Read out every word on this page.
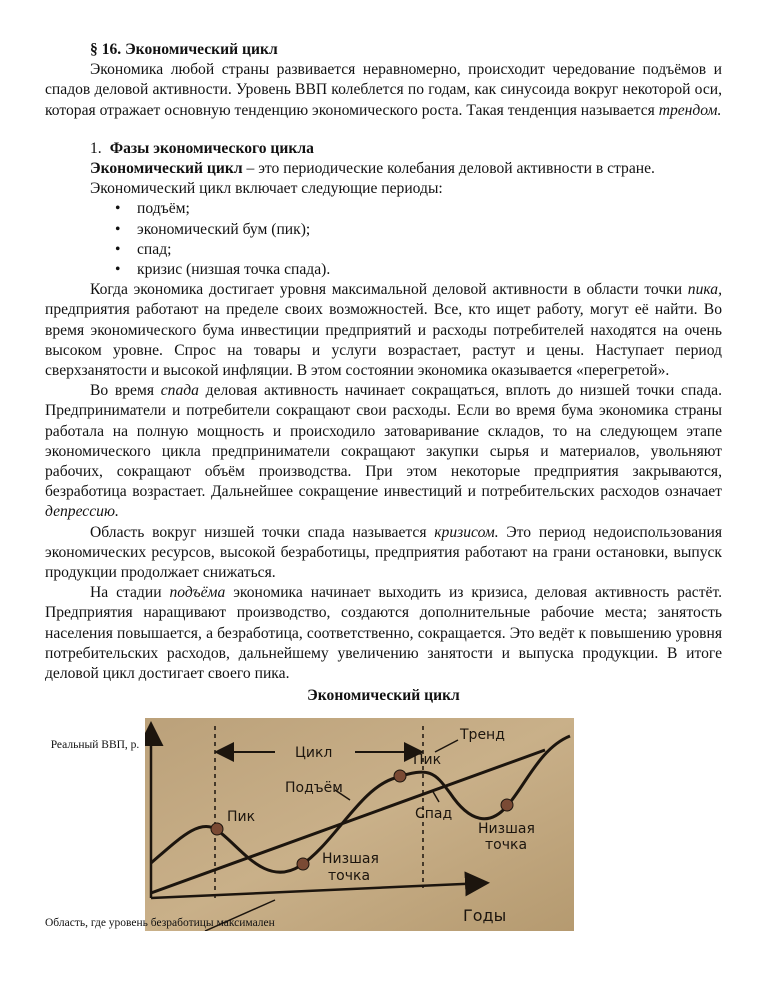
§ 16. Экономический цикл

Экономика любой страны развивается неравномерно, происходит чередование подъёмов и спадов деловой активности. Уровень ВВП колеблется по годам, как синусоида вокруг некоторой оси, которая отражает основную тенденцию экономического роста. Такая тенденция называется трендом.

1. Фазы экономического цикла
Экономический цикл – это периодические колебания деловой активности в стране.
Экономический цикл включает следующие периоды:
• подъём;
• экономический бум (пик);
• спад;
• кризис (низшая точка спада).

Когда экономика достигает уровня максимальной деловой активности в области точки пика, предприятия работают на пределе своих возможностей. Все, кто ищет работу, могут её найти. Во время экономического бума инвестиции предприятий и расходы потребителей находятся на очень высоком уровне. Спрос на товары и услуги возрастает, растут и цены. Наступает период сверхзанятости и высокой инфляции. В этом состоянии экономика оказывается «перегретой».

Во время спада деловая активность начинает сокращаться, вплоть до низшей точки спада. Предприниматели и потребители сокращают свои расходы. Если во время бума экономика страны работала на полную мощность и происходило затоваривание складов, то на следующем этапе экономического цикла предприниматели сокращают закупки сырья и материалов, увольняют рабочих, сокращают объём производства. При этом некоторые предприятия закрываются, безработица возрастает. Дальнейшее сокращение инвестиций и потребительских расходов означает депрессию.

Область вокруг низшей точки спада называется кризисом. Это период недоиспользования экономических ресурсов, высокой безработицы, предприятия работают на грани остановки, выпуск продукции продолжает снижаться.

На стадии подъёма экономика начинает выходить из кризиса, деловая активность растёт. Предприятия наращивают производство, создаются дополнительные рабочие места; занятость населения повышается, а безработица, соответственно, сокращается. Это ведёт к повышению уровня потребительских расходов, дальнейшему увеличению занятости и выпуска продукции. В итоге деловой цикл достигает своего пика.

Экономический цикл
Реальный ВВП, р.	Цикл
Пик
Пик
Тренд
Подъём
Спад
Низшая
точка
Низшая
точка
Годы
Область, где уровень безработицы максимален
